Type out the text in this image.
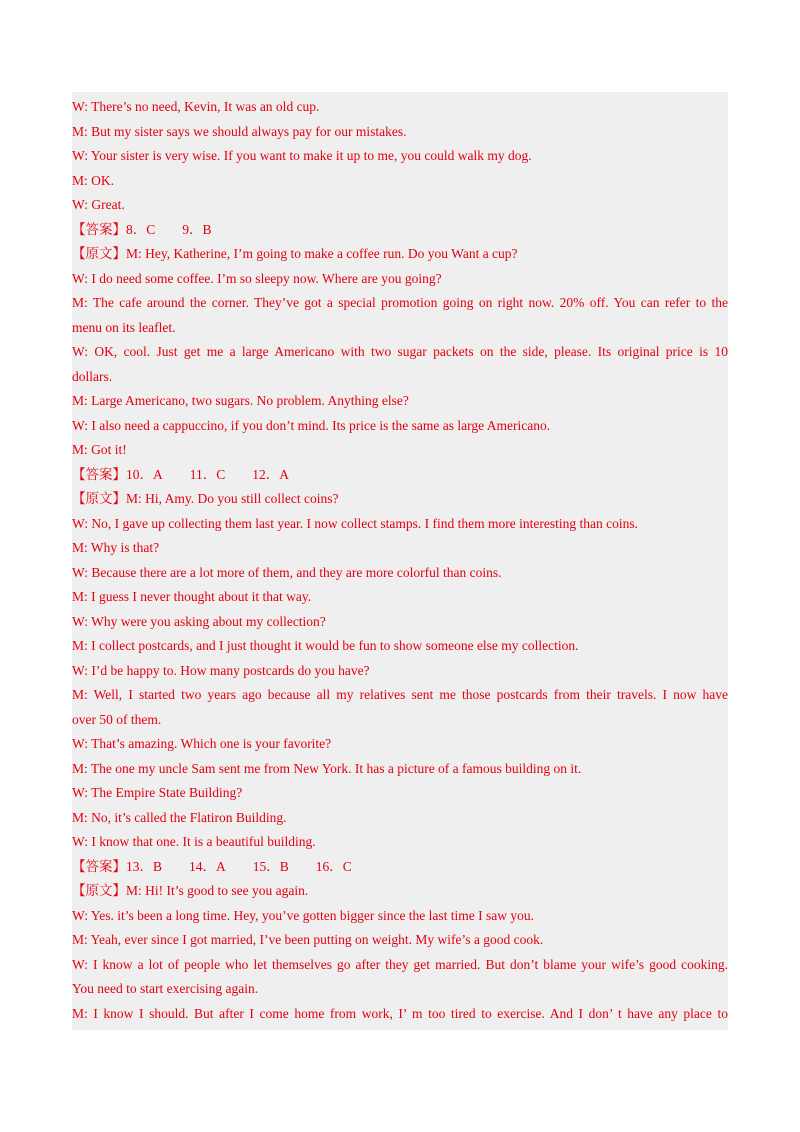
W: There’s no need, Kevin, It was an old cup.
M: But my sister says we should always pay for our mistakes.
W: Your sister is very wise. If you want to make it up to me, you could walk my dog.
M: OK.
W: Great.
【答案】8．C        9．B
【原文】M: Hey, Katherine, I’m going to make a coffee run. Do you Want a cup?
W: I do need some coffee. I’m so sleepy now. Where are you going?
M: The cafe around the corner. They’ve got a special promotion going on right now. 20% off. You can refer to the
menu on its leaflet.
W: OK, cool. Just get me a large Americano with two sugar packets on the side, please. Its original price is 10
dollars.
M: Large Americano, two sugars. No problem. Anything else?
W: I also need a cappuccino, if you don’t mind. Its price is the same as large Americano.
M: Got it!
【答案】10．A        11．C        12．A
【原文】M: Hi, Amy. Do you still collect coins?
W: No, I gave up collecting them last year. I now collect stamps. I find them more interesting than coins.
M: Why is that?
W: Because there are a lot more of them, and they are more colorful than coins.
M: I guess I never thought about it that way.
W: Why were you asking about my collection?
M: I collect postcards, and I just thought it would be fun to show someone else my collection.
W: I’d be happy to. How many postcards do you have?
M: Well, I started two years ago because all my relatives sent me those postcards from their travels. I now have
over 50 of them.
W: That’s amazing. Which one is your favorite?
M: The one my uncle Sam sent me from New York. It has a picture of a famous building on it.
W: The Empire State Building?
M: No, it’s called the Flatiron Building.
W: I know that one. It is a beautiful building.
【答案】13．B        14．A        15．B        16．C
【原文】M: Hi! It’s good to see you again.
W: Yes. it’s been a long time. Hey, you’ve gotten bigger since the last time I saw you.
M: Yeah, ever since I got married, I’ve been putting on weight. My wife’s a good cook.
W: I know a lot of people who let themselves go after they get married. But don’t blame your wife’s good cooking.
You need to start exercising again.
M: I know I should. But after I come home from work, I’ m too tired to exercise. And I don’ t have any place to
